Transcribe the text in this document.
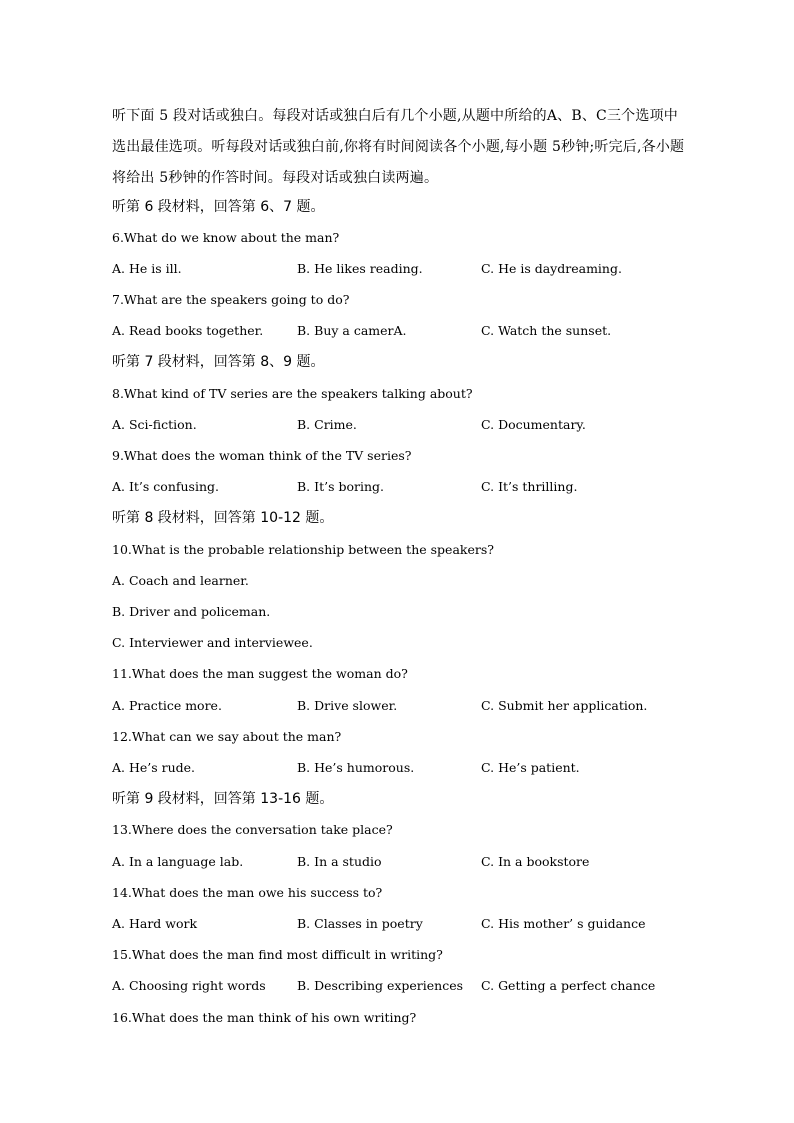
听下面 5 段对话或独白。每段对话或独白后有几个小题,从题中所给的A、B、C三个选项中选出最佳选项。听每段对话或独白前,你将有时间阅读各个小题,每小题 5秒钟;听完后,各小题将给出 5秒钟的作答时间。每段对话或独白读两遍。
听第 6 段材料，回答第 6、7 题。
6.What do we know about the man?
A. He is ill.	B. He likes reading.	C. He is daydreaming.
7.What are the speakers going to do?
A. Read books together.	B. Buy a camerA.	C. Watch the sunset.
听第 7 段材料，回答第 8、9 题。
8.What kind of TV series are the speakers talking about?
A. Sci-fiction.	B. Crime.	C. Documentary.
9.What does the woman think of the TV series?
A. It’s confusing.	B. It’s boring.	C. It’s thrilling.
听第 8 段材料，回答第 10-12 题。
10.What is the probable relationship between the speakers?
A. Coach and learner.
B. Driver and policeman.
C. Interviewer and interviewee.
11.What does the man suggest the woman do?
A. Practice more.	B. Drive slower.	C. Submit her application.
12.What can we say about the man?
A. He’s rude.	B. He’s humorous.	C. He’s patient.
听第 9 段材料，回答第 13-16 题。
13.Where does the conversation take place?
A. In a language lab.	B. In a studio	C. In a bookstore
14.What does the man owe his success to?
A. Hard work	B. Classes in poetry	C. His mother’ s guidance
15.What does the man find most difficult in writing?
A. Choosing right words	B. Describing experiences C. Getting a perfect chance
16.What does the man think of his own writing?
